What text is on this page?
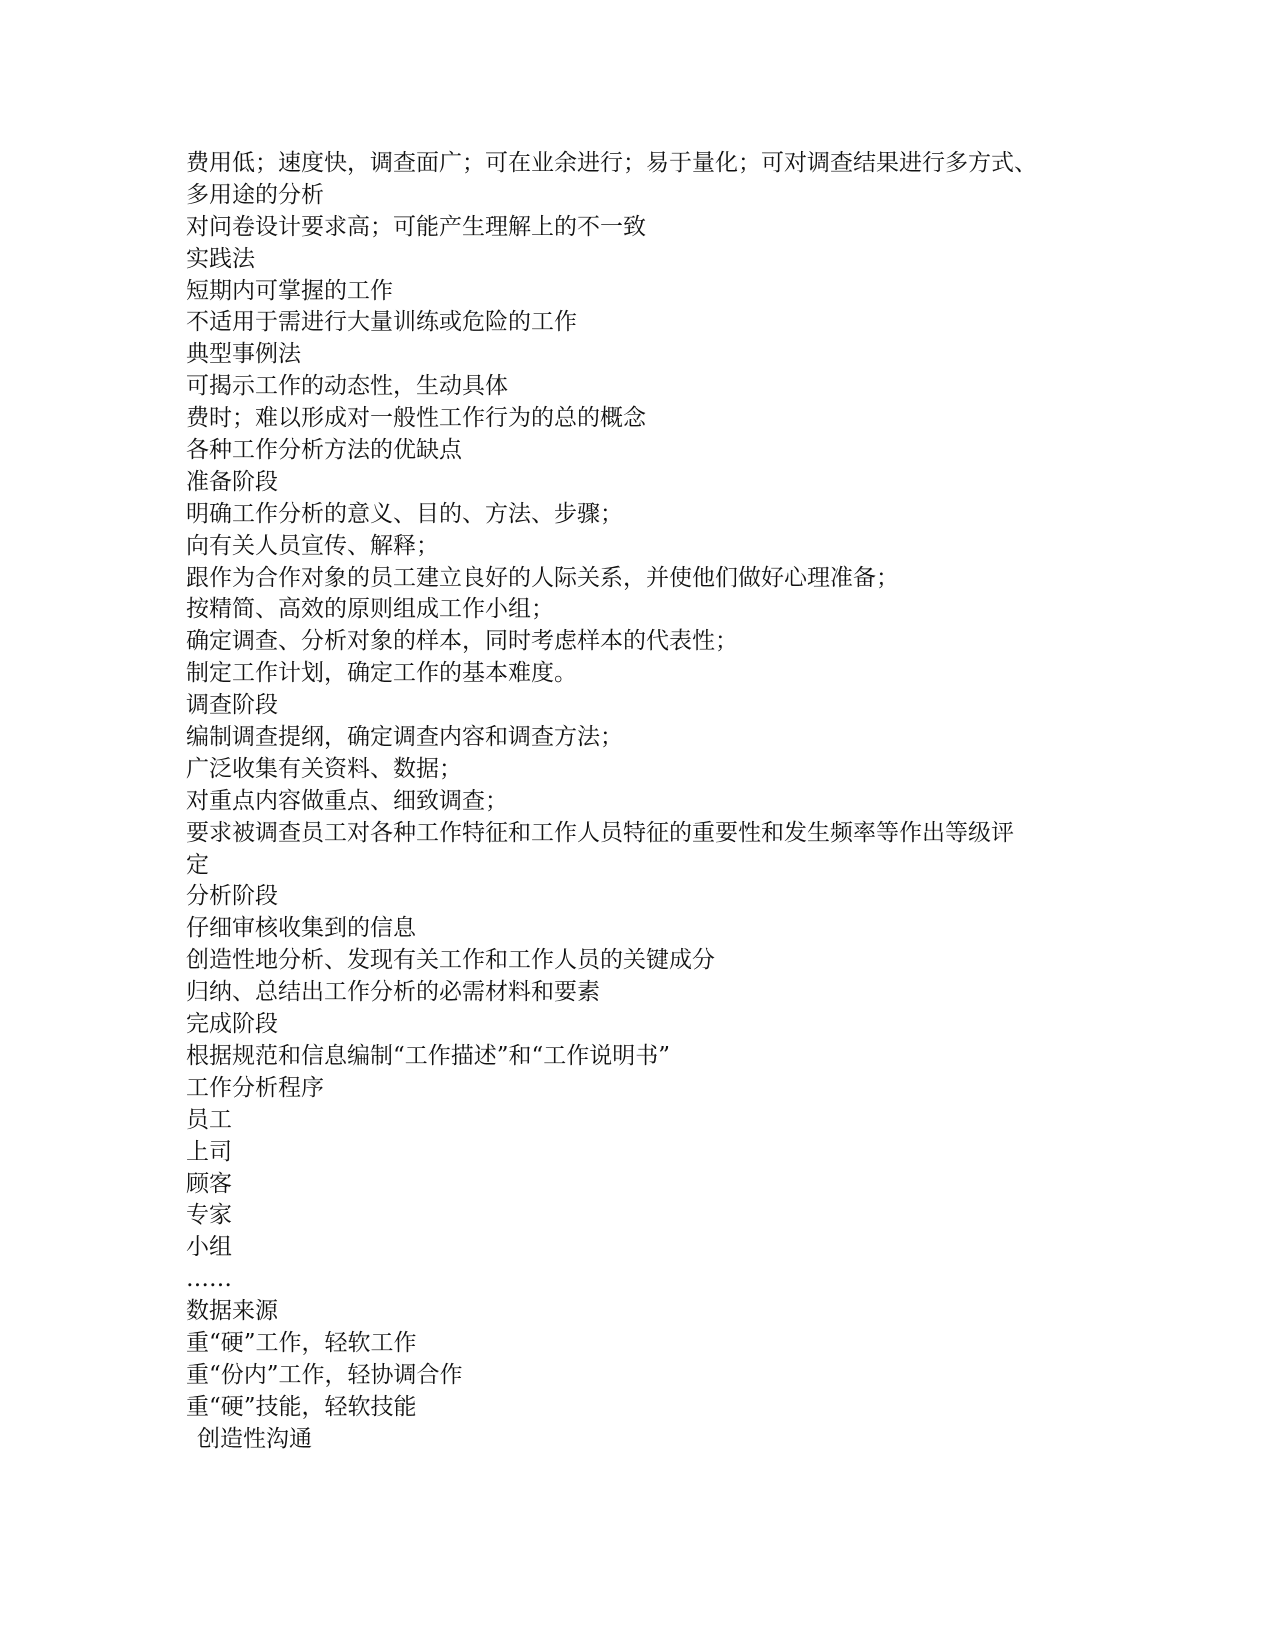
费用低；速度快，调查面广；可在业余进行；易于量化；可对调查结果进行多方式、
多用途的分析
对问卷设计要求高；可能产生理解上的不一致
实践法
短期内可掌握的工作
不适用于需进行大量训练或危险的工作
典型事例法
可揭示工作的动态性，生动具体
费时；难以形成对一般性工作行为的总的概念
各种工作分析方法的优缺点
准备阶段
明确工作分析的意义、目的、方法、步骤；
向有关人员宣传、解释；
跟作为合作对象的员工建立良好的人际关系，并使他们做好心理准备；
按精简、高效的原则组成工作小组；
确定调查、分析对象的样本，同时考虑样本的代表性；
制定工作计划，确定工作的基本难度。
调查阶段
编制调查提纲，确定调查内容和调查方法；
广泛收集有关资料、数据；
对重点内容做重点、细致调查；
要求被调查员工对各种工作特征和工作人员特征的重要性和发生频率等作出等级评
定
分析阶段
仔细审核收集到的信息
创造性地分析、发现有关工作和工作人员的关键成分
归纳、总结出工作分析的必需材料和要素
完成阶段
根据规范和信息编制“工作描述”和“工作说明书”
工作分析程序
员工
上司
顾客
专家
小组
……
数据来源
重“硬”工作，轻软工作
重“份内”工作，轻协调合作
重“硬”技能，轻软技能
创造性沟通
